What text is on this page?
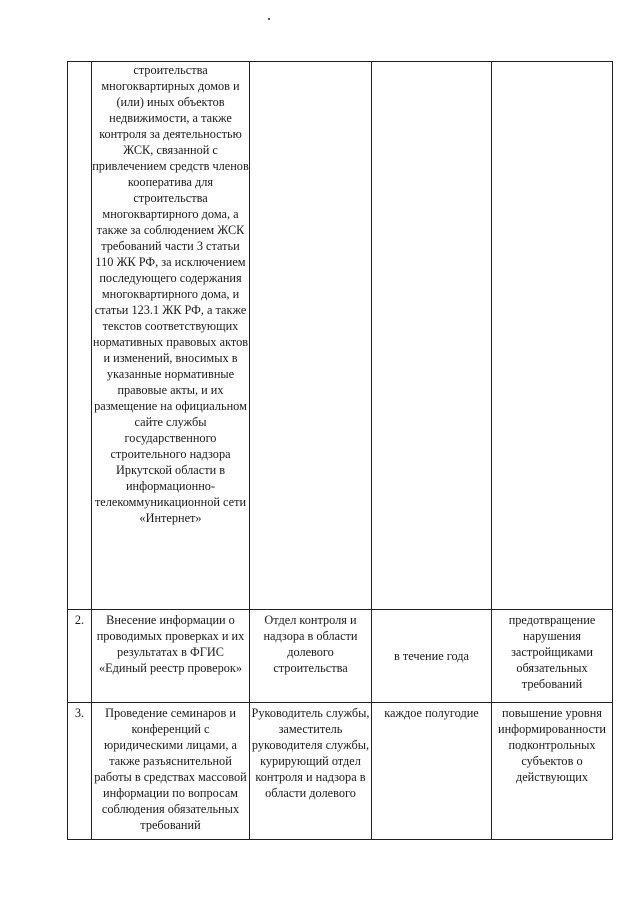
	строительства многоквартирных домов и (или) иных объектов недвижимости, а также контроля за деятельностью ЖСК, связанной с привлечением средств членов кооператива для строительства многоквартирного дома, а также за соблюдением ЖСК требований части 3 статьи 110 ЖК РФ, за исключением последующего содержания многоквартирного дома, и статьи 123.1 ЖК РФ, а также текстов соответствующих нормативных правовых актов и изменений, вносимых в указанные нормативные правовые акты, и их размещение на официальном сайте службы государственного строительного надзора Иркутской области в информационно-телекоммуникационной сети «Интернет»			
2.	Внесение информации о проводимых проверках и их результатах в ФГИС «Единый реестр проверок»	Отдел контроля и надзора в области долевого строительства	в течение года	предотвращение нарушения застройщиками обязательных требований
3.	Проведение семинаров и конференций с юридическими лицами, а также разъяснительной работы в средствах массовой информации по вопросам соблюдения обязательных требований	Руководитель службы, заместитель руководителя службы, курирующий отдел контроля и надзора в области долевого	каждое полугодие	повышение уровня информированности подконтрольных субъектов о действующих
